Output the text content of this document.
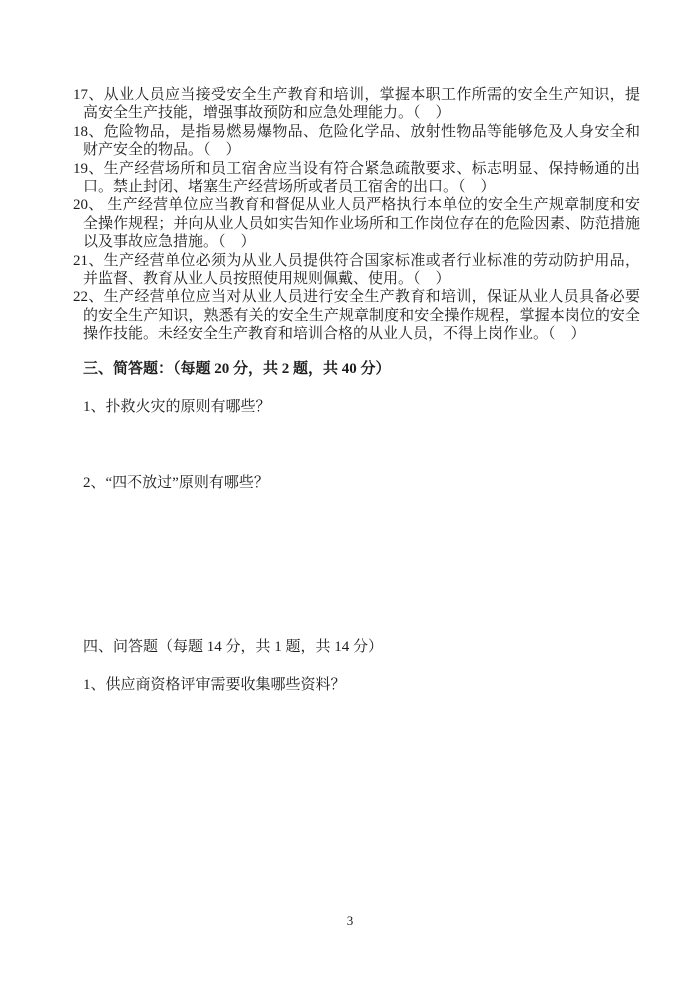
17、从业人员应当接受安全生产教育和培训，掌握本职工作所需的安全生产知识，提高安全生产技能，增强事故预防和应急处理能力。（　）

18、危险物品，是指易燃易爆物品、危险化学品、放射性物品等能够危及人身安全和财产安全的物品。（　）

19、生产经营场所和员工宿舍应当设有符合紧急疏散要求、标志明显、保持畅通的出口。禁止封闭、堵塞生产经营场所或者员工宿舍的出口。（　）

20、 生产经营单位应当教育和督促从业人员严格执行本单位的安全生产规章制度和安全操作规程；并向从业人员如实告知作业场所和工作岗位存在的危险因素、防范措施以及事故应急措施。（　）

21、生产经营单位必须为从业人员提供符合国家标准或者行业标准的劳动防护用品，并监督、教育从业人员按照使用规则佩戴、使用。（　）

22、生产经营单位应当对从业人员进行安全生产教育和培训，保证从业人员具备必要的安全生产知识，熟悉有关的安全生产规章制度和安全操作规程，掌握本岗位的安全操作技能。未经安全生产教育和培训合格的从业人员，不得上岗作业。（　）

三、简答题：（每题 20 分，共 2 题，共 40 分）

1、扑救火灾的原则有哪些？

2、“四不放过”原则有哪些？

四、问答题（每题 14 分，共 1 题，共 14 分）

1、供应商资格评审需要收集哪些资料？

3
